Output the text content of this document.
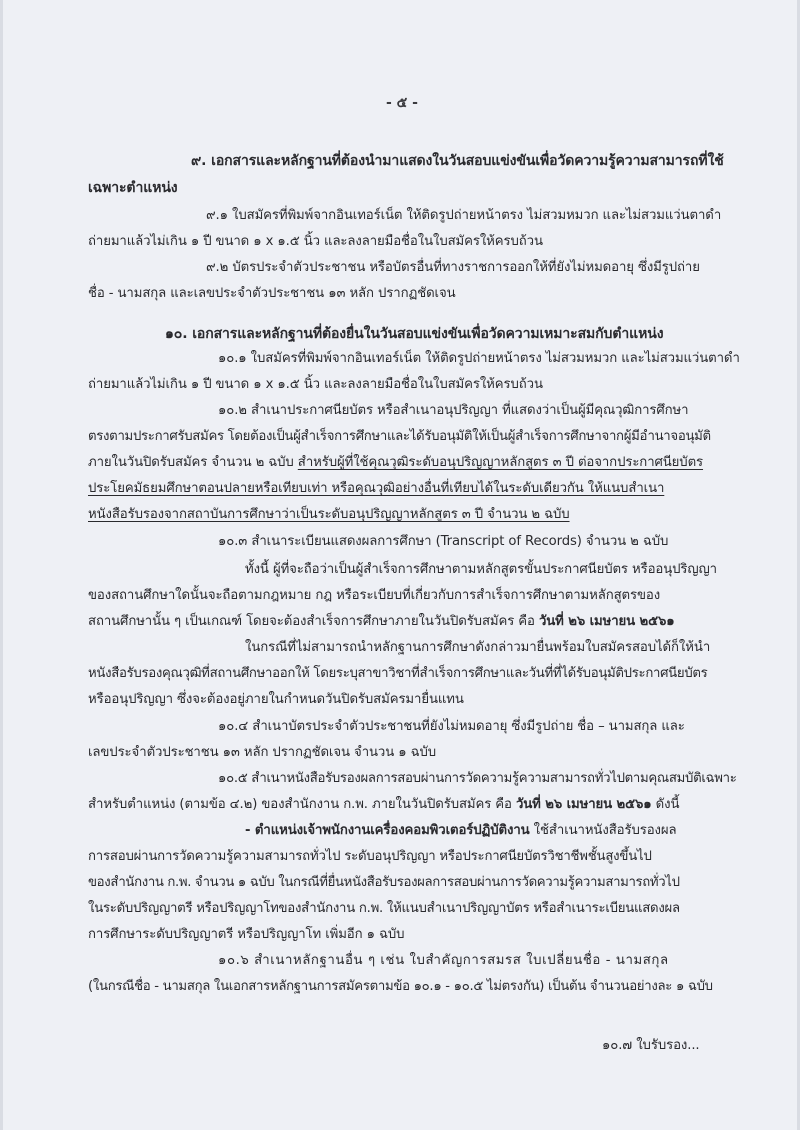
- ๕ -
๙. เอกสารและหลักฐานที่ต้องนำมาแสดงในวันสอบแข่งขันเพื่อวัดความรู้ความสามารถที่ใช้
เฉพาะตำแหน่ง
๙.๑ ใบสมัครที่พิมพ์จากอินเทอร์เน็ต ให้ติดรูปถ่ายหน้าตรง ไม่สวมหมวก และไม่สวมแว่นตาดำ
ถ่ายมาแล้วไม่เกิน ๑ ปี ขนาด ๑ x ๑.๕ นิ้ว และลงลายมือชื่อในใบสมัครให้ครบถ้วน
๙.๒ บัตรประจำตัวประชาชน หรือบัตรอื่นที่ทางราชการออกให้ที่ยังไม่หมดอายุ ซึ่งมีรูปถ่าย
ชื่อ - นามสกุล และเลขประจำตัวประชาชน ๑๓ หลัก ปรากฏชัดเจน
๑๐. เอกสารและหลักฐานที่ต้องยื่นในวันสอบแข่งขันเพื่อวัดความเหมาะสมกับตำแหน่ง
๑๐.๑ ใบสมัครที่พิมพ์จากอินเทอร์เน็ต ให้ติดรูปถ่ายหน้าตรง ไม่สวมหมวก และไม่สวมแว่นตาดำ
ถ่ายมาแล้วไม่เกิน ๑ ปี ขนาด ๑ x ๑.๕ นิ้ว และลงลายมือชื่อในใบสมัครให้ครบถ้วน
๑๐.๒ สำเนาประกาศนียบัตร หรือสำเนาอนุปริญญา ที่แสดงว่าเป็นผู้มีคุณวุฒิการศึกษา
ตรงตามประกาศรับสมัคร โดยต้องเป็นผู้สำเร็จการศึกษาและได้รับอนุมัติให้เป็นผู้สำเร็จการศึกษาจากผู้มีอำนาจอนุมัติ
ภายในวันปิดรับสมัคร จำนวน ๒ ฉบับ สำหรับผู้ที่ใช้คุณวุฒิระดับอนุปริญญาหลักสูตร ๓ ปี ต่อจากประกาศนียบัตร
ประโยคมัธยมศึกษาตอนปลายหรือเทียบเท่า หรือคุณวุฒิอย่างอื่นที่เทียบได้ในระดับเดียวกัน ให้แนบสำเนา
หนังสือรับรองจากสถาบันการศึกษาว่าเป็นระดับอนุปริญญาหลักสูตร ๓ ปี จำนวน ๒ ฉบับ
๑๐.๓ สำเนาระเบียนแสดงผลการศึกษา (Transcript of Records) จำนวน ๒ ฉบับ
ทั้งนี้ ผู้ที่จะถือว่าเป็นผู้สำเร็จการศึกษาตามหลักสูตรขั้นประกาศนียบัตร หรืออนุปริญญา
ของสถานศึกษาใดนั้นจะถือตามกฎหมาย กฎ หรือระเบียบที่เกี่ยวกับการสำเร็จการศึกษาตามหลักสูตรของ
สถานศึกษานั้น ๆ เป็นเกณฑ์ โดยจะต้องสำเร็จการศึกษาภายในวันปิดรับสมัคร คือ วันที่ ๒๖ เมษายน ๒๕๖๑
ในกรณีที่ไม่สามารถนำหลักฐานการศึกษาดังกล่าวมายื่นพร้อมใบสมัครสอบได้ก็ให้นำ
หนังสือรับรองคุณวุฒิที่สถานศึกษาออกให้ โดยระบุสาขาวิชาที่สำเร็จการศึกษาและวันที่ที่ได้รับอนุมัติประกาศนียบัตร
หรืออนุปริญญา ซึ่งจะต้องอยู่ภายในกำหนดวันปิดรับสมัครมายื่นแทน
๑๐.๔ สำเนาบัตรประจำตัวประชาชนที่ยังไม่หมดอายุ ซึ่งมีรูปถ่าย ชื่อ – นามสกุล และ
เลขประจำตัวประชาชน ๑๓ หลัก ปรากฏชัดเจน จำนวน ๑ ฉบับ
๑๐.๕ สำเนาหนังสือรับรองผลการสอบผ่านการวัดความรู้ความสามารถทั่วไปตามคุณสมบัติเฉพาะ
สำหรับตำแหน่ง (ตามข้อ ๔.๒) ของสำนักงาน ก.พ. ภายในวันปิดรับสมัคร คือ วันที่ ๒๖ เมษายน ๒๕๖๑ ดังนี้
- ตำแหน่งเจ้าพนักงานเครื่องคอมพิวเตอร์ปฏิบัติงาน ใช้สำเนาหนังสือรับรองผล
การสอบผ่านการวัดความรู้ความสามารถทั่วไป ระดับอนุปริญญา หรือประกาศนียบัตรวิชาชีพชั้นสูงขึ้นไป
ของสำนักงาน ก.พ. จำนวน ๑ ฉบับ ในกรณีที่ยื่นหนังสือรับรองผลการสอบผ่านการวัดความรู้ความสามารถทั่วไป
ในระดับปริญญาตรี หรือปริญญาโทของสำนักงาน ก.พ. ให้แนบสำเนาปริญญาบัตร หรือสำเนาระเบียนแสดงผล
การศึกษาระดับปริญญาตรี หรือปริญญาโท เพิ่มอีก ๑ ฉบับ
๑๐.๖ สำเนาหลักฐานอื่น ๆ เช่น ใบสำคัญการสมรส ใบเปลี่ยนชื่อ - นามสกุล
(ในกรณีชื่อ - นามสกุล ในเอกสารหลักฐานการสมัครตามข้อ ๑๐.๑ - ๑๐.๕ ไม่ตรงกัน) เป็นต้น จำนวนอย่างละ ๑ ฉบับ
๑๐.๗ ใบรับรอง...
